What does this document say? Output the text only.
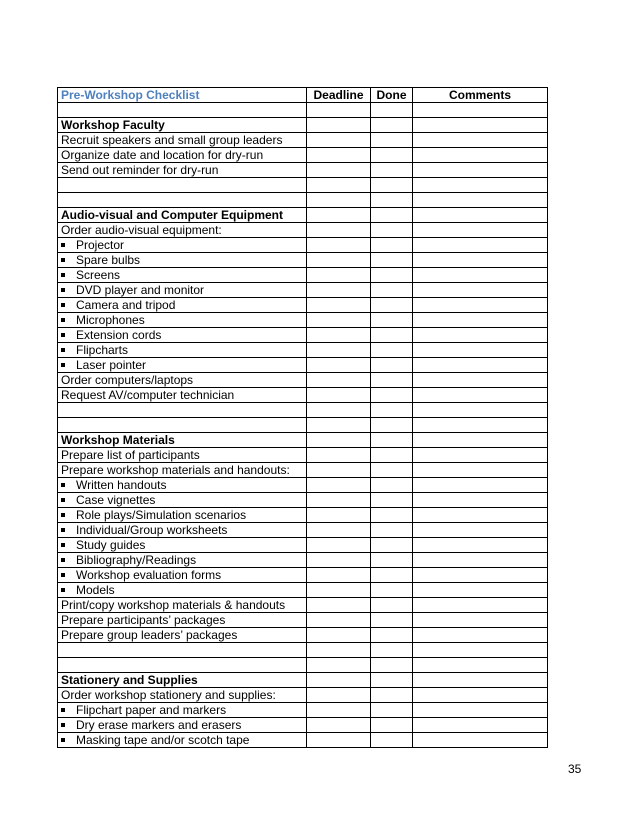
Pre-Workshop Checklist	Deadline	Done	Comments

Workshop Faculty			
Recruit speakers and small group leaders			
Organize date and location for dry-run			
Send out reminder for dry-run			

Audio-visual and Computer Equipment			
Order audio-visual equipment:			
Projector			
Spare bulbs			
Screens			
DVD player and monitor			
Camera and tripod			
Microphones			
Extension cords			
Flipcharts			
Laser pointer			
Order computers/laptops			
Request AV/computer technician			

Workshop Materials			
Prepare list of participants			
Prepare workshop materials and handouts:			
Written handouts			
Case vignettes			
Role plays/Simulation scenarios			
Individual/Group worksheets			
Study guides			
Bibliography/Readings			
Workshop evaluation forms			
Models			
Print/copy workshop materials & handouts			
Prepare participants’ packages			
Prepare group leaders’ packages			

Stationery and Supplies			
Order workshop stationery and supplies:			
Flipchart paper and markers			
Dry erase markers and erasers			
Masking tape and/or scotch tape			
35
